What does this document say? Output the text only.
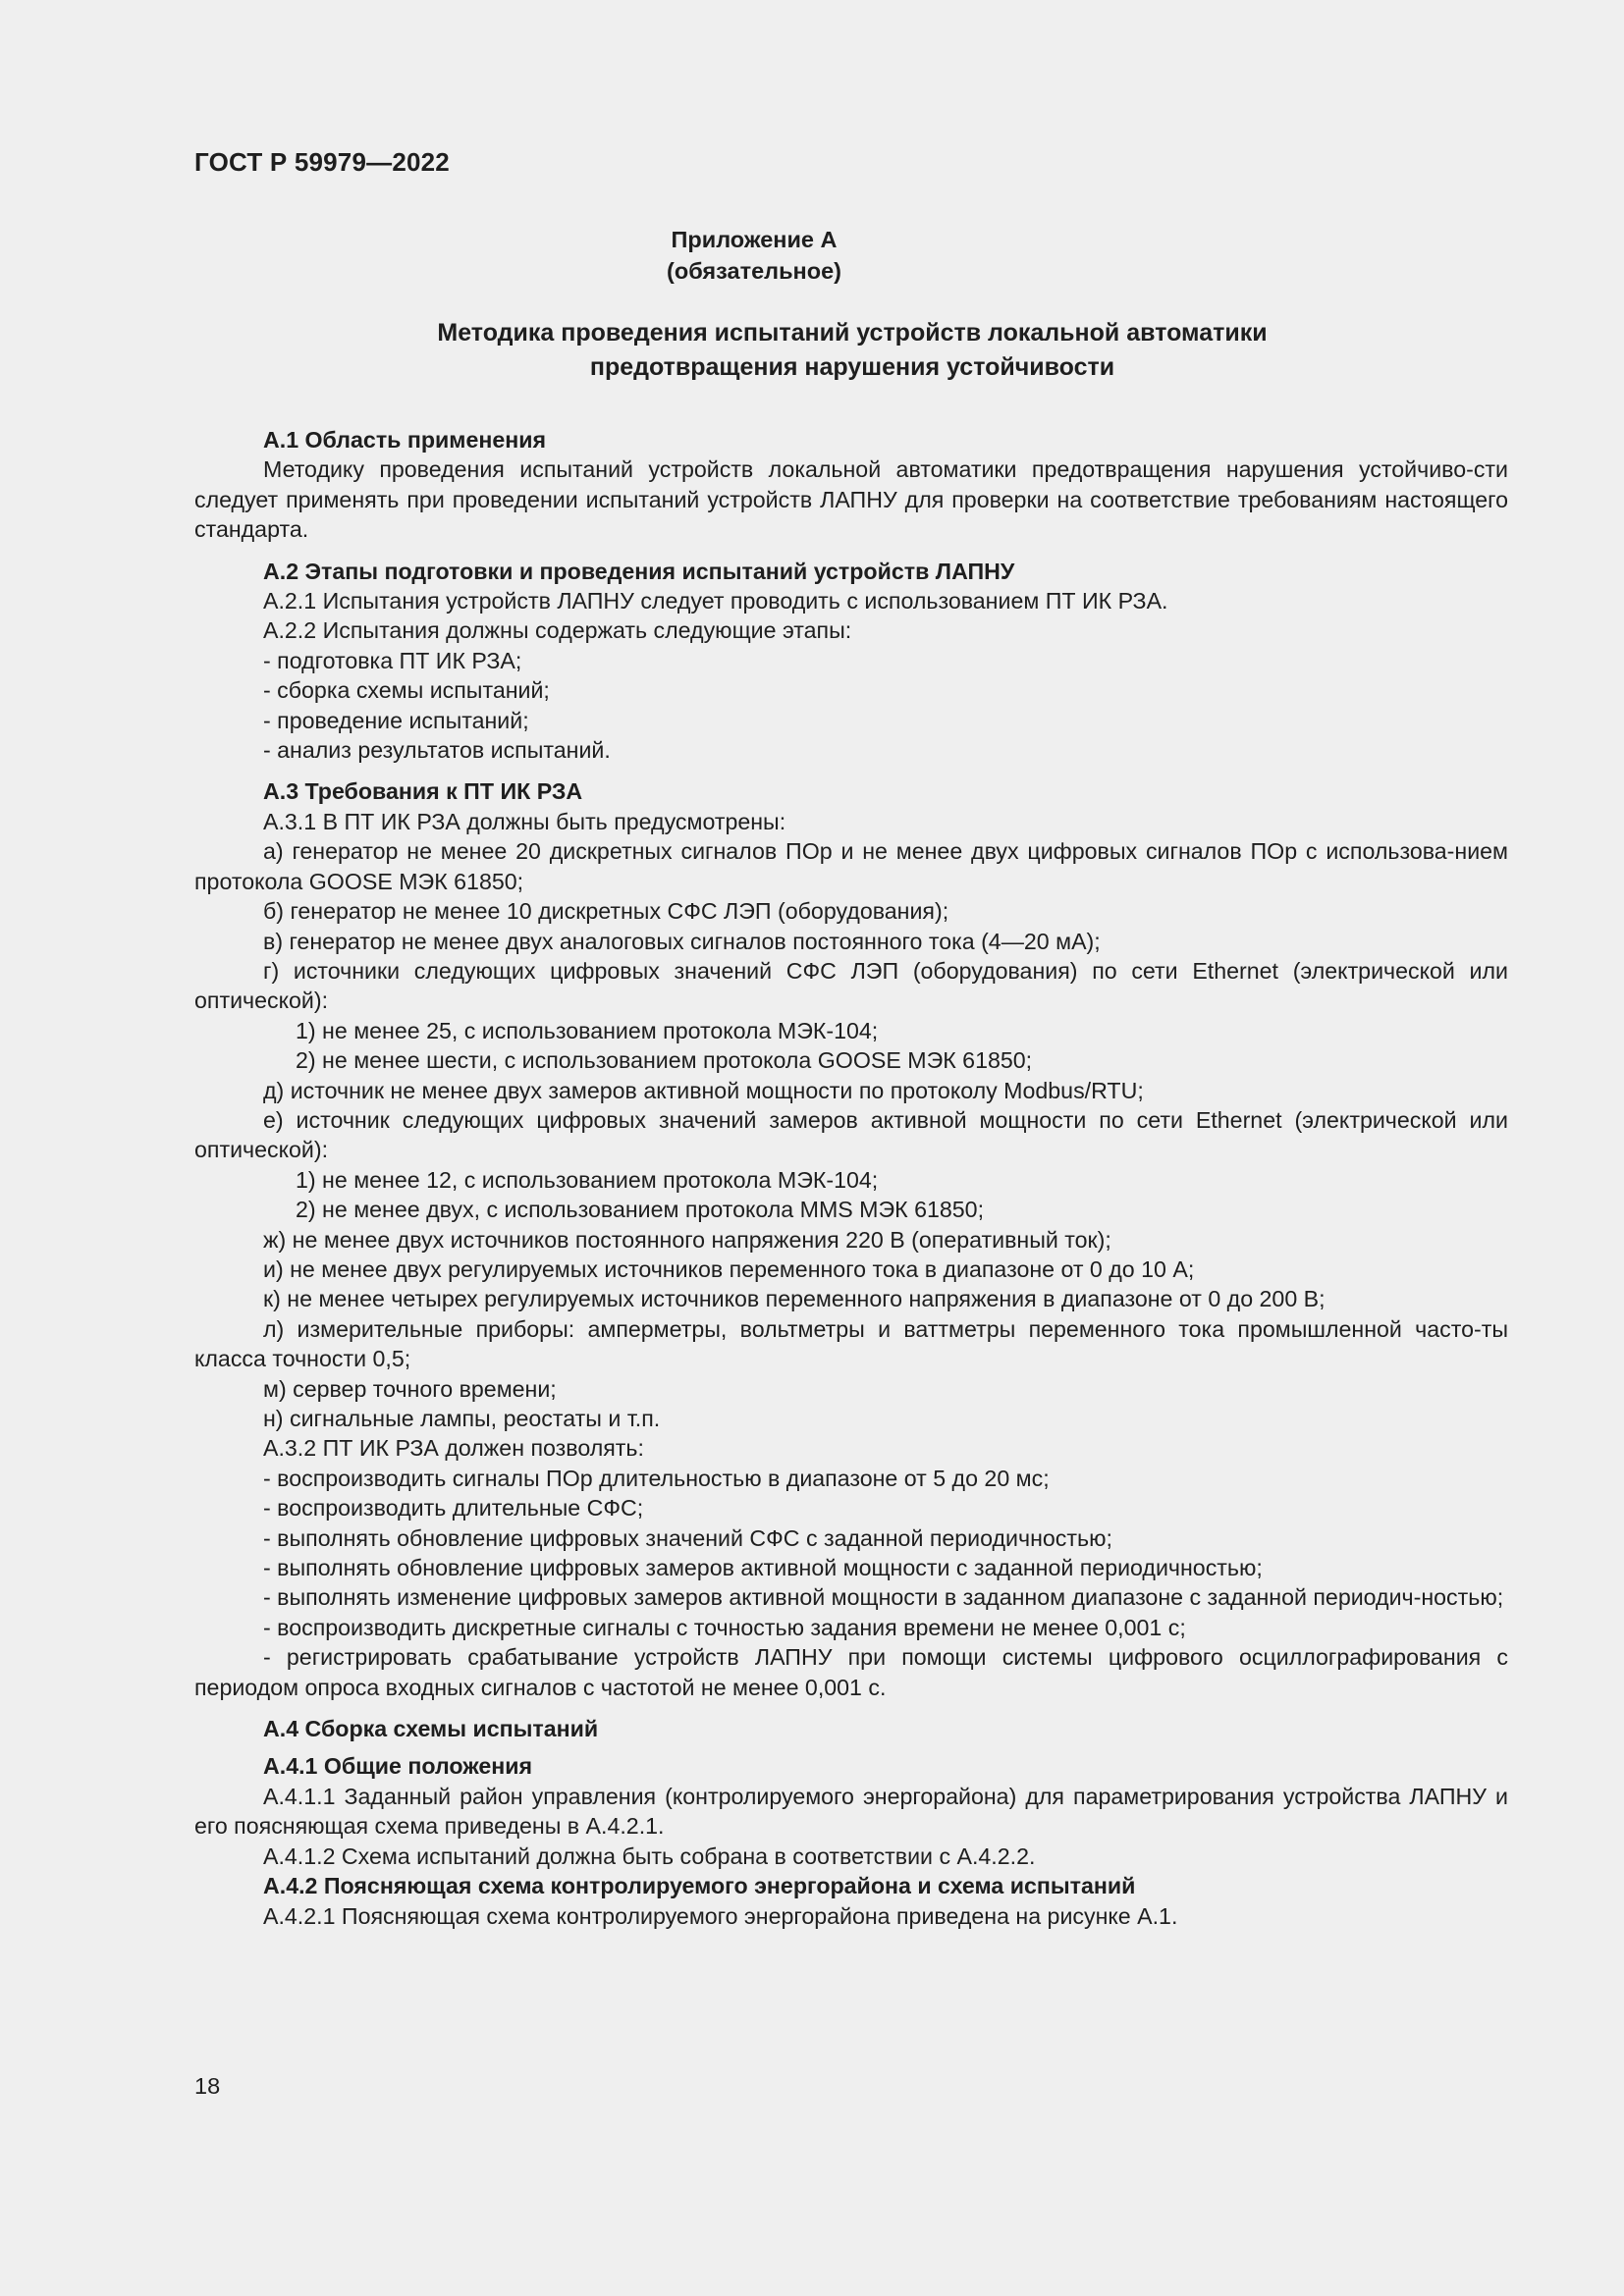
ГОСТ Р 59979—2022
Приложение А
(обязательное)
Методика проведения испытаний устройств локальной автоматики
предотвращения нарушения устойчивости

А.1 Область применения

Методику проведения испытаний устройств локальной автоматики предотвращения нарушения устойчиво-сти следует применять при проведении испытаний устройств ЛАПНУ для проверки на соответствие требованиям настоящего стандарта.

А.2 Этапы подготовки и проведения испытаний устройств ЛАПНУ

А.2.1 Испытания устройств ЛАПНУ следует проводить с использованием ПТ ИК РЗА.

А.2.2 Испытания должны содержать следующие этапы:

- подготовка ПТ ИК РЗА;

- сборка схемы испытаний;

- проведение испытаний;

- анализ результатов испытаний.

А.3 Требования к ПТ ИК РЗА

А.3.1 В ПТ ИК РЗА должны быть предусмотрены:

а) генератор не менее 20 дискретных сигналов ПОр и не менее двух цифровых сигналов ПОр с использова-нием протокола GOOSE МЭК 61850;

б) генератор не менее 10 дискретных СФС ЛЭП (оборудования);

в) генератор не менее двух аналоговых сигналов постоянного тока (4—20 мА);

г) источники следующих цифровых значений СФС ЛЭП (оборудования) по сети Ethernet (электрической или оптической):

1) не менее 25, с использованием протокола МЭК-104;

2) не менее шести, с использованием протокола GOOSE МЭК 61850;

д) источник не менее двух замеров активной мощности по протоколу Modbus/RTU;

е) источник следующих цифровых значений замеров активной мощности по сети Ethernet (электрической или оптической):

1) не менее 12, с использованием протокола МЭК-104;

2) не менее двух, с использованием протокола MMS МЭК 61850;

ж) не менее двух источников постоянного напряжения 220 В (оперативный ток);

и) не менее двух регулируемых источников переменного тока в диапазоне от 0 до 10 А;

к) не менее четырех регулируемых источников переменного напряжения в диапазоне от 0 до 200 В;

л) измерительные приборы: амперметры, вольтметры и ваттметры переменного тока промышленной часто-ты класса точности 0,5;

м) сервер точного времени;

н) сигнальные лампы, реостаты и т.п.

А.3.2 ПТ ИК РЗА должен позволять:

- воспроизводить сигналы ПОр длительностью в диапазоне от 5 до 20 мс;

- воспроизводить длительные СФС;

- выполнять обновление цифровых значений СФС с заданной периодичностью;

- выполнять обновление цифровых замеров активной мощности с заданной периодичностью;

- выполнять изменение цифровых замеров активной мощности в заданном диапазоне с заданной периодич-ностью;

- воспроизводить дискретные сигналы с точностью задания времени не менее 0,001 с;

- регистрировать срабатывание устройств ЛАПНУ при помощи системы цифрового осциллографирования с периодом опроса входных сигналов с частотой не менее 0,001 с.

А.4 Сборка схемы испытаний

А.4.1 Общие положения

А.4.1.1 Заданный район управления (контролируемого энергорайона) для параметрирования устройства ЛАПНУ и его поясняющая схема приведены в А.4.2.1.

А.4.1.2 Схема испытаний должна быть собрана в соответствии с А.4.2.2.

А.4.2 Поясняющая схема контролируемого энергорайона и схема испытаний

А.4.2.1 Поясняющая схема контролируемого энергорайона приведена на рисунке А.1.

18
